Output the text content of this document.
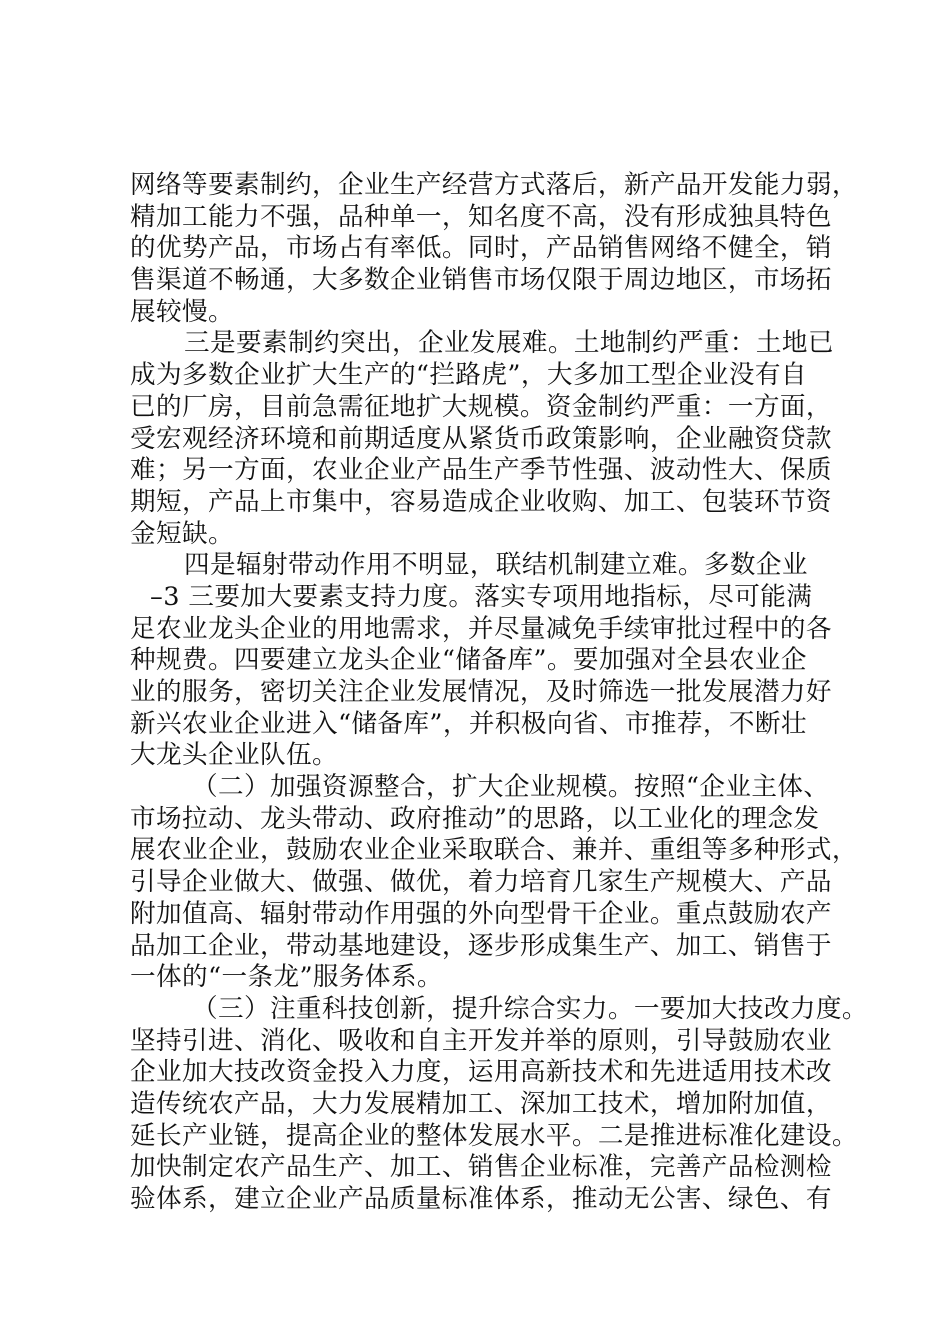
网络等要素制约，企业生产经营方式落后，新产品开发能力弱，
精加工能力不强，品种单一，知名度不高，没有形成独具特色
的优势产品，市场占有率低。同时，产品销售网络不健全，销
售渠道不畅通，大多数企业销售市场仅限于周边地区，市场拓
展较慢。
三是要素制约突出，企业发展难。土地制约严重：土地已
成为多数企业扩大生产的“拦路虎”，大多加工型企业没有自
已的厂房，目前急需征地扩大规模。资金制约严重：一方面，
受宏观经济环境和前期适度从紧货币政策影响，企业融资贷款
难；另一方面，农业企业产品生产季节性强、波动性大、保质
期短，产品上市集中，容易造成企业收购、加工、包装环节资
金短缺。
四是辐射带动作用不明显，联结机制建立难。多数企业
–3 三要加大要素支持力度。落实专项用地指标，尽可能满
足农业龙头企业的用地需求，并尽量减免手续审批过程中的各
种规费。四要建立龙头企业“储备库”。要加强对全县农业企
业的服务，密切关注企业发展情况，及时筛选一批发展潜力好
新兴农业企业进入“储备库”，并积极向省、市推荐，不断壮
大龙头企业队伍。
（二）加强资源整合，扩大企业规模。按照“企业主体、
市场拉动、龙头带动、政府推动”的思路，以工业化的理念发
展农业企业，鼓励农业企业采取联合、兼并、重组等多种形式，
引导企业做大、做强、做优，着力培育几家生产规模大、产品
附加值高、辐射带动作用强的外向型骨干企业。重点鼓励农产
品加工企业，带动基地建设，逐步形成集生产、加工、销售于
一体的“一条龙”服务体系。
（三）注重科技创新，提升综合实力。一要加大技改力度。
坚持引进、消化、吸收和自主开发并举的原则，引导鼓励农业
企业加大技改资金投入力度，运用高新技术和先进适用技术改
造传统农产品，大力发展精加工、深加工技术，增加附加值，
延长产业链，提高企业的整体发展水平。二是推进标准化建设。
加快制定农产品生产、加工、销售企业标准，完善产品检测检
验体系，建立企业产品质量标准体系，推动无公害、绿色、有
